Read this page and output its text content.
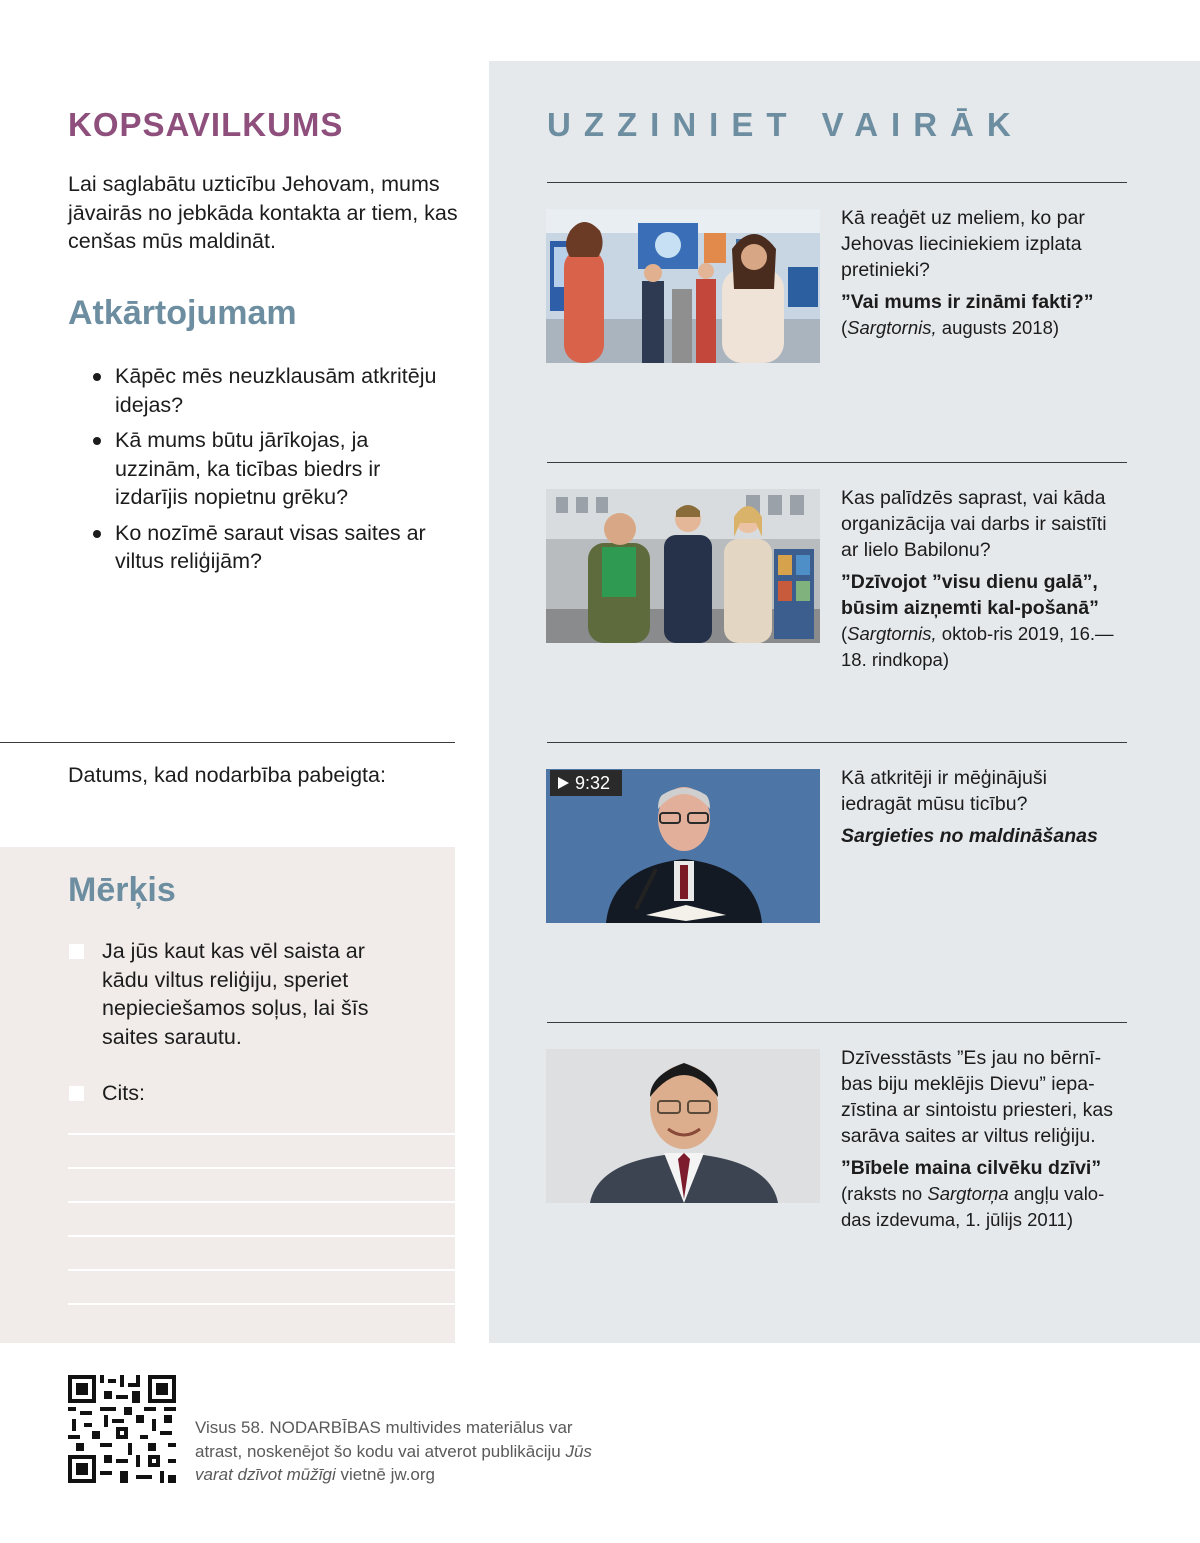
KOPSAVILKUMS
Lai saglabātu uzticību Jehovam, mums jāvairās no jebkāda kontakta ar tiem, kas cenšas mūs maldināt.
Atkārtojumam
Kāpēc mēs neuzklausām atkritēju idejas?
Kā mums būtu jārīkojas, ja uzzinām, ka ticības biedrs ir izdarījis nopietnu grēku?
Ko nozīmē saraut visas saites ar viltus reliģijām?
Datums, kad nodarbība pabeigta:
Mērķis
Ja jūs kaut kas vēl saista ar kādu viltus reliģiju, speriet nepieciešamos soļus, lai šīs saites sarautu.
Cits:
UZZINIET VAIRĀK

Kā reaģēt uz meliem, ko par Jehovas lieciniekiem izplata pretinieki?

”Vai mums ir zināmi fakti?”
(Sargtornis, augusts 2018)

Kas palīdzēs saprast, vai kāda organizācija vai darbs ir saistīti ar lielo Babilonu?

”Dzīvojot ”visu dienu galā”, būsim aizņemti kal-pošanā” (Sargtornis, oktob-ris 2019, 16.—18. rindkopa)

9:32	Kā atkritēji ir mēģinājuši iedragāt mūsu ticību?

Sargieties no maldināšanas

Dzīvesstāsts ”Es jau no bērnī-bas biju meklējis Dievu” iepa-zīstina ar sintoistu priesteri, kas sarāva saites ar viltus reliģiju.

”Bībele maina cilvēku dzīvi”
(raksts no Sargtorņa angļu valo-das izdevuma, 1. jūlijs 2011)

Visus 58. NODARBĪBAS multivides materiālus var atrast, noskenējot šo kodu vai atverot publikāciju Jūs varat dzīvot mūžīgi vietnē jw.org
